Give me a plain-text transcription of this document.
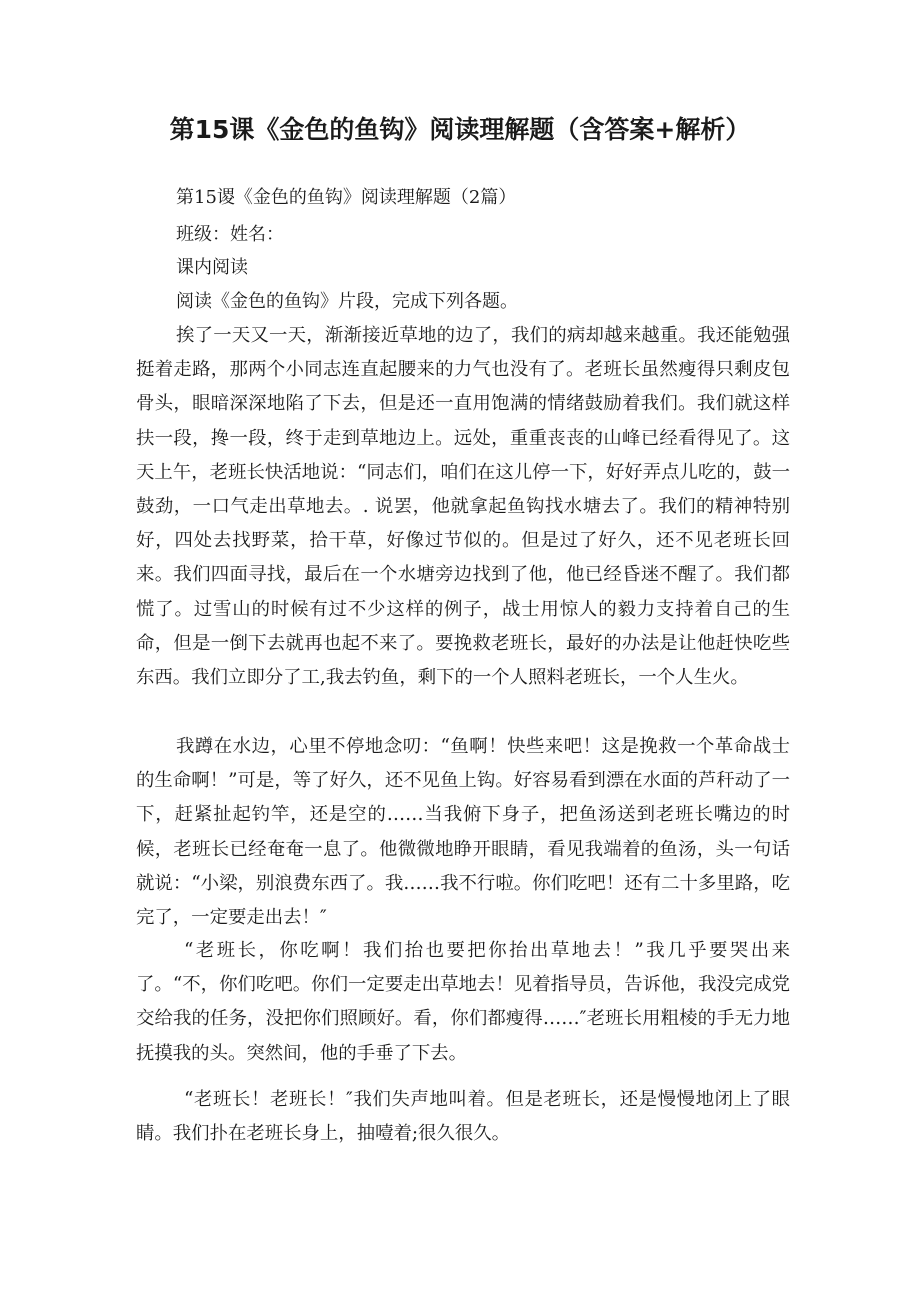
第15课《金色的鱼钩》阅读理解题（含答案+解析）
第15谡《金色的鱼钩》阅读理解题（2篇）
班级：姓名：
课内阅读
阅读《金色的鱼钩》片段，完成下列各题。

挨了一天又一天，渐渐接近草地的边了，我们的病却越来越重。我还能勉强挺着走路，那两个小同志连直起腰来的力气也没有了。老班长虽然瘦得只剩皮包骨头，眼暗深深地陷了下去，但是还一直用饱满的情绪鼓励着我们。我们就这样扶一段，搀一段，终于走到草地边上。远处，重重丧丧的山峰已经看得见了。这天上午，老班长快活地说：“同志们，咱们在这儿停一下，好好弄点儿吃的，鼓一鼓劲，一口气走出草地去。. 说罢，他就拿起鱼钩找水塘去了。我们的精神特别好，四处去找野菜，拾干草，好像过节似的。但是过了好久，还不见老班长回来。我们四面寻找，最后在一个水塘旁边找到了他，他已经昏迷不醒了。我们都慌了。过雪山的时候有过不少这样的例子，战士用惊人的毅力支持着自己的生命，但是一倒下去就再也起不来了。要挽救老班长，最好的办法是让他赶快吃些东西。我们立即分了工,我去钓鱼，剩下的一个人照料老班长，一个人生火。

我蹲在水边，心里不停地念叨：“鱼啊！快些来吧！这是挽救一个革命战士的生命啊！”可是，等了好久，还不见鱼上钩。好容易看到漂在水面的芦秆动了一下，赶紧扯起钓竿，还是空的……当我俯下身子，把鱼汤送到老班长嘴边的时候，老班长已经奄奄一息了。他微微地睁开眼睛，看见我端着的鱼汤，头一句话就说：“小梁，别浪费东西了。我……我不行啦。你们吃吧！还有二十多里路，吃完了，一定要走出去！″

“老班长，你吃啊！我们抬也要把你抬出草地去！”我几乎要哭出来了。“不，你们吃吧。你们一定要走出草地去！见着指导员，告诉他，我没完成党交给我的任务，没把你们照顾好。看，你们都瘦得……″老班长用粗棱的手无力地抚摸我的头。突然间，他的手垂了下去。

“老班长！老班长！″我们失声地叫着。但是老班长，还是慢慢地闭上了眼睛。我们扑在老班长身上，抽噎着;很久很久。
